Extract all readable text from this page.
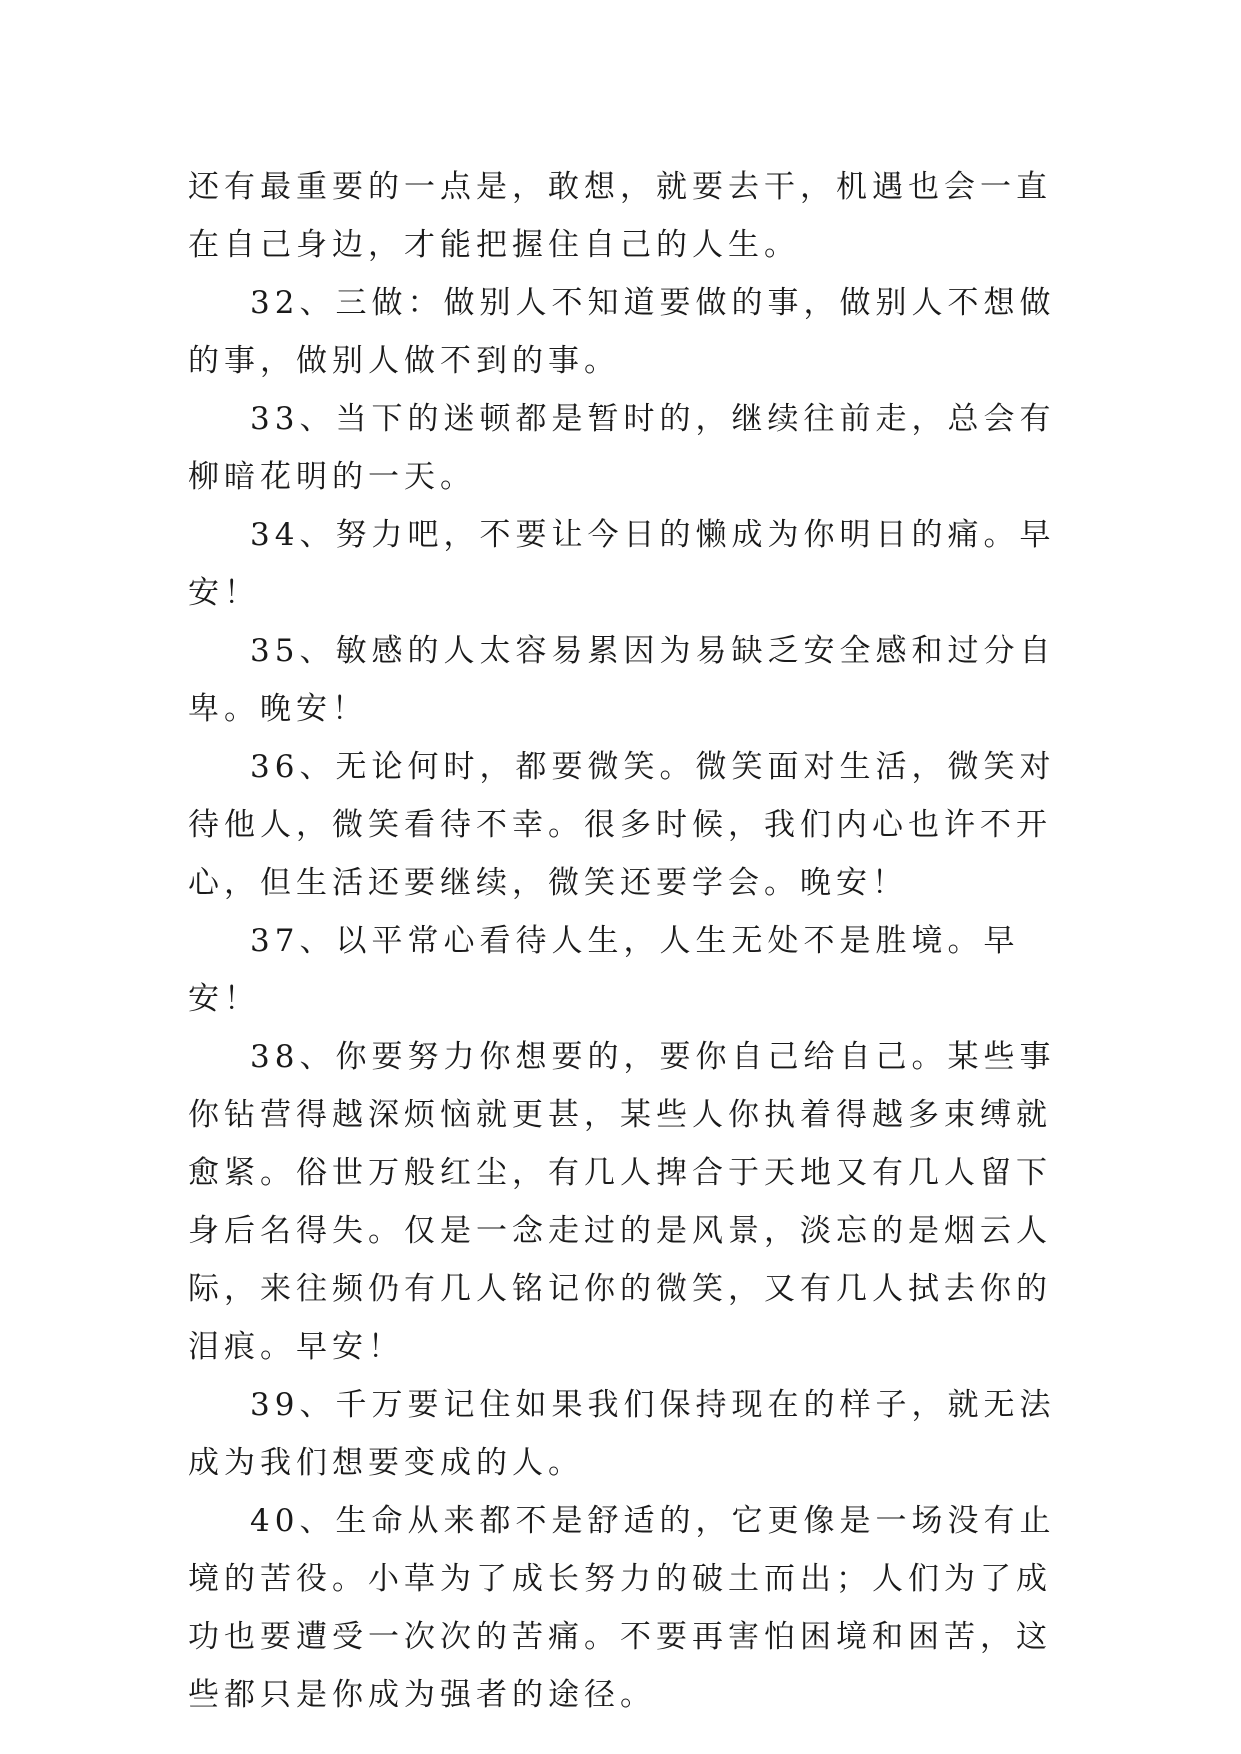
还有最重要的一点是，敢想，就要去干，机遇也会一直在自己身边，才能把握住自己的人生。

32、三做：做别人不知道要做的事，做别人不想做的事，做别人做不到的事。

33、当下的迷顿都是暂时的，继续往前走，总会有柳暗花明的一天。

34、努力吧，不要让今日的懒成为你明日的痛。早安！

35、敏感的人太容易累因为易缺乏安全感和过分自卑。晚安！

36、无论何时，都要微笑。微笑面对生活，微笑对待他人，微笑看待不幸。很多时候，我们内心也许不开心，但生活还要继续，微笑还要学会。晚安！

37、以平常心看待人生，人生无处不是胜境。早安！

38、你要努力你想要的，要你自己给自己。某些事你钻营得越深烦恼就更甚，某些人你执着得越多束缚就愈紧。俗世万般红尘，有几人捭合于天地又有几人留下身后名得失。仅是一念走过的是风景，淡忘的是烟云人际，来往频仍有几人铭记你的微笑，又有几人拭去你的泪痕。早安！

39、千万要记住如果我们保持现在的样子，就无法成为我们想要变成的人。

40、生命从来都不是舒适的，它更像是一场没有止境的苦役。小草为了成长努力的破土而出；人们为了成功也要遭受一次次的苦痛。不要再害怕困境和困苦，这些都只是你成为强者的途径。
